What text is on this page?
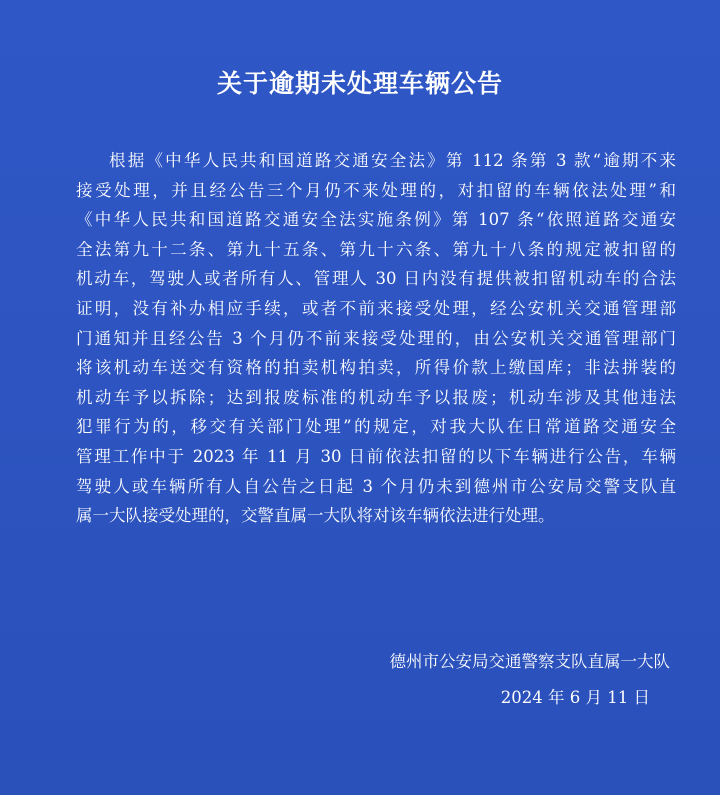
关于逾期未处理车辆公告
根据《中华人民共和国道路交通安全法》第 112 条第 3 款“逾期不来
接受处理，并且经公告三个月仍不来处理的，对扣留的车辆依法处理”和
《中华人民共和国道路交通安全法实施条例》第 107 条“依照道路交通安
全法第九十二条、第九十五条、第九十六条、第九十八条的规定被扣留的
机动车，驾驶人或者所有人、管理人 30 日内没有提供被扣留机动车的合法
证明，没有补办相应手续，或者不前来接受处理，经公安机关交通管理部
门通知并且经公告 3 个月仍不前来接受处理的，由公安机关交通管理部门
将该机动车送交有资格的拍卖机构拍卖，所得价款上缴国库；非法拼装的
机动车予以拆除；达到报废标准的机动车予以报废；机动车涉及其他违法
犯罪行为的，移交有关部门处理”的规定，对我大队在日常道路交通安全
管理工作中于 2023 年 11 月 30 日前依法扣留的以下车辆进行公告，车辆
驾驶人或车辆所有人自公告之日起 3 个月仍未到德州市公安局交警支队直
属一大队接受处理的，交警直属一大队将对该车辆依法进行处理。
德州市公安局交通警察支队直属一大队
2024 年 6 月 11 日
